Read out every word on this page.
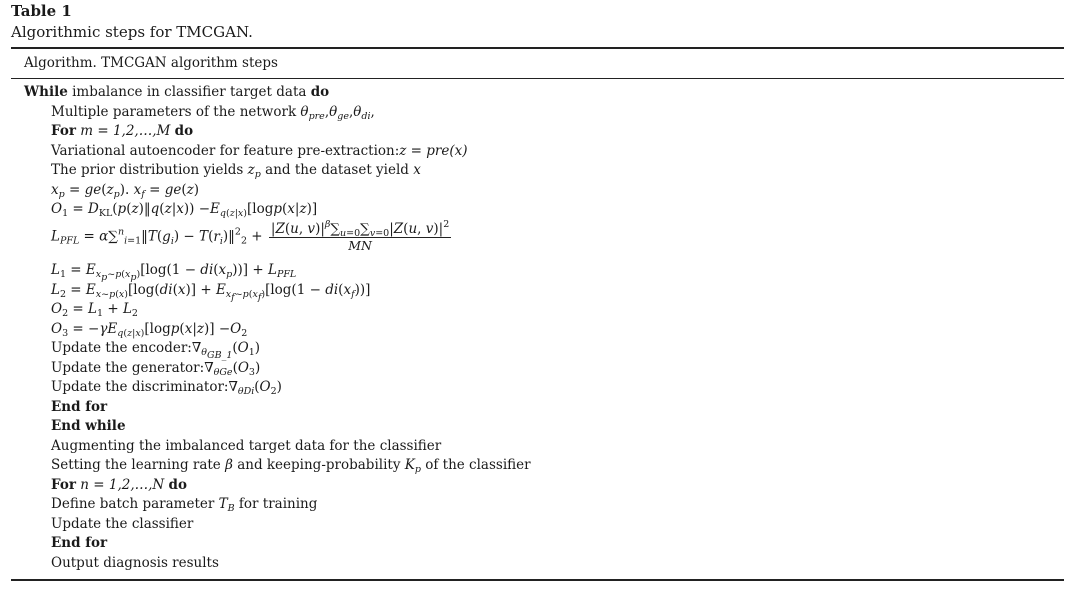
Table 1
Algorithmic steps for TMCGAN.
Algorithm. TMCGAN algorithm steps
While imbalance in classifier target data do
Multiple parameters of the network $\theta_{pre},\theta_{ge},\theta_{di}$,
For m = 1,2,…,M do
Variational autoencoder for feature pre-extraction:z = pre(x)
The prior distribution yields $z_p$ and the dataset yield x
$x_p = ge(z_p)$. $x_f = ge(z)$
$O_1$ = $D_{KL}(p(z)‖q(z|x)) -E_{q(z|x)}[\log p(x|z)]$
$L_{PFL}$ = $\alpha\sum^n_{i=1}‖T(g_i)$ − $T(r_i)‖^2_2 + \frac{|Z(u, v)|^\beta\sum_{u=0}\sum_{v=0}|Z(u, v)|^2}{MN}$
$L_1 = E_{x_p\sim p(x_p)}[\log(1 - di(x_p))] + L_{PFL}$
$L_2 = E_{x\sim p(x)}[\log(di(x)] + E_{x_f\sim p(x_f)}[\log(1 - di(x_f))]$
$O_2 = L_1 + L_2$
$O_3 = -\gamma E_{q(z|x)}[\log p(x|z)] -O_2$
Update the $encoder:\nabla_{\theta_{GB\_1}}(O_1)$
Update the $generator:\nabla_{\theta Ge}(O_3)$
Update the $discriminator:\nabla_{\theta Di}(O_2)$
End for
End while
Augmenting the imbalanced target data for the classifier
Setting the learning rate β and keeping-probability $K_p$ of the classifier
For n = 1,2,…,N do
Define batch parameter $T_B$ for training
Update the classifier
End for
Output diagnosis results
